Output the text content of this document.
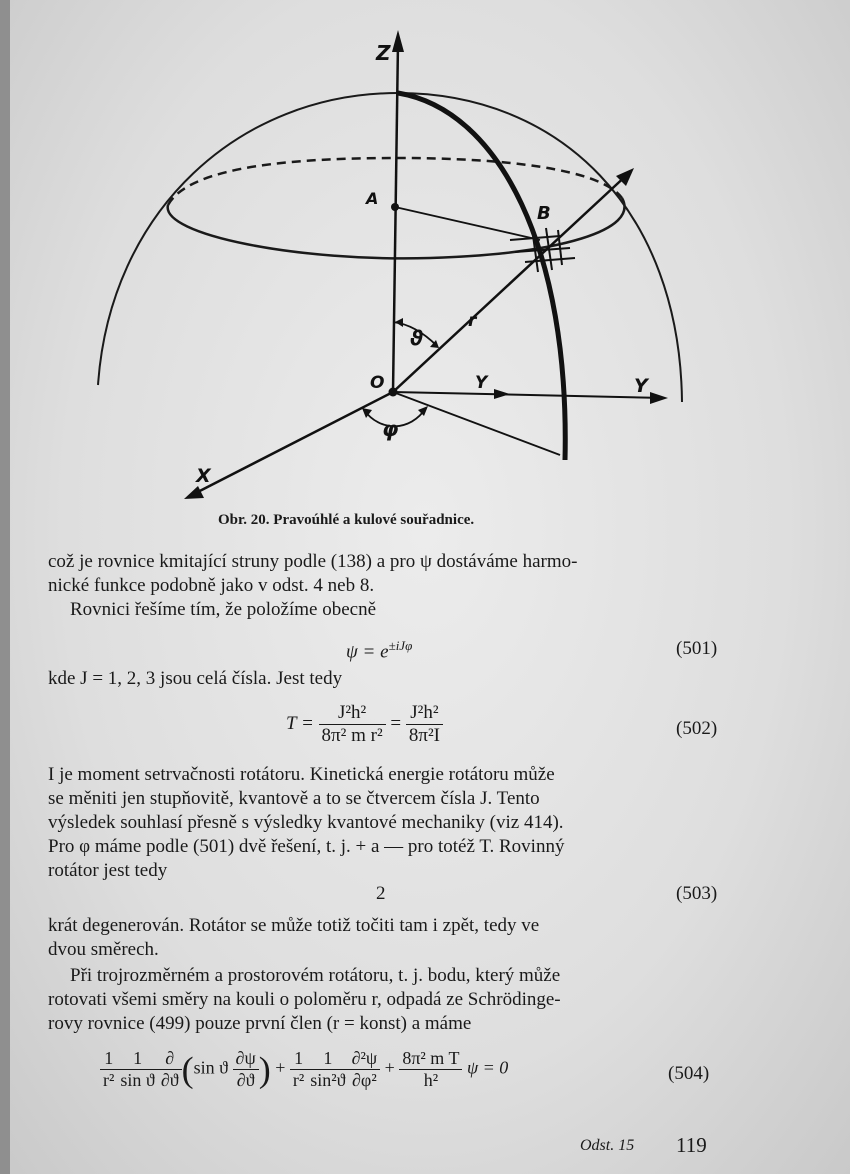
Z
A
B
ϑ
r
O	Y	Y
φ
X
Obr. 20. Pravoúhlé a kulové souřadnice.
což je rovnice kmitající struny podle (138) a pro ψ dostáváme harmo-
nické funkce podobně jako v odst. 4 neb 8.
Rovnici řešíme tím, že položíme obecně
$\psi = e^{\pm iJ\varphi}$	(501)
kde J = 1, 2, 3 jsou celá čísla. Jest tedy
$T = \frac{\text{J²h²}}{\text{8π² m r²}} = \frac{\text{J²h²}}{\text{8π²I}}$	(502)
I je moment setrvačnosti rotátoru. Kinetická energie rotátoru může
se měniti jen stupňovitě, kvantově a to se čtvercem čísla J. Tento
výsledek souhlasí přesně s výsledky kvantové mechaniky (viz 414).
Pro φ máme podle (501) dvě řešení, t. j. + a — pro totéž T. Rovinný
rotátor jest tedy
2	(503)
krát degenerován. Rotátor se může totiž točiti tam i zpět, tedy ve
dvou směrech.
Při trojrozměrném a prostorovém rotátoru, t. j. bodu, který může
rotovati všemi směry na kouli o poloměru r, odpadá ze Schrödinge-
rovy rovnice (499) pouze první člen (r = konst) a máme
$\frac{1}{\text{r²}} \frac{1}{\text{sin ϑ}} \frac{\partial}{\partial ϑ} (\sin$ ϑ $\frac{\partial\psi}{\partial ϑ}$ ) + $\frac{1}{\text{r²}} \frac{1}{\text{sin²ϑ}} \frac{\text{∂²ψ}}{\text{∂φ²}} + \frac{\text{8π² m T}}{\text{h²}}$ ψ = 0	(504)
Odst. 15 119
